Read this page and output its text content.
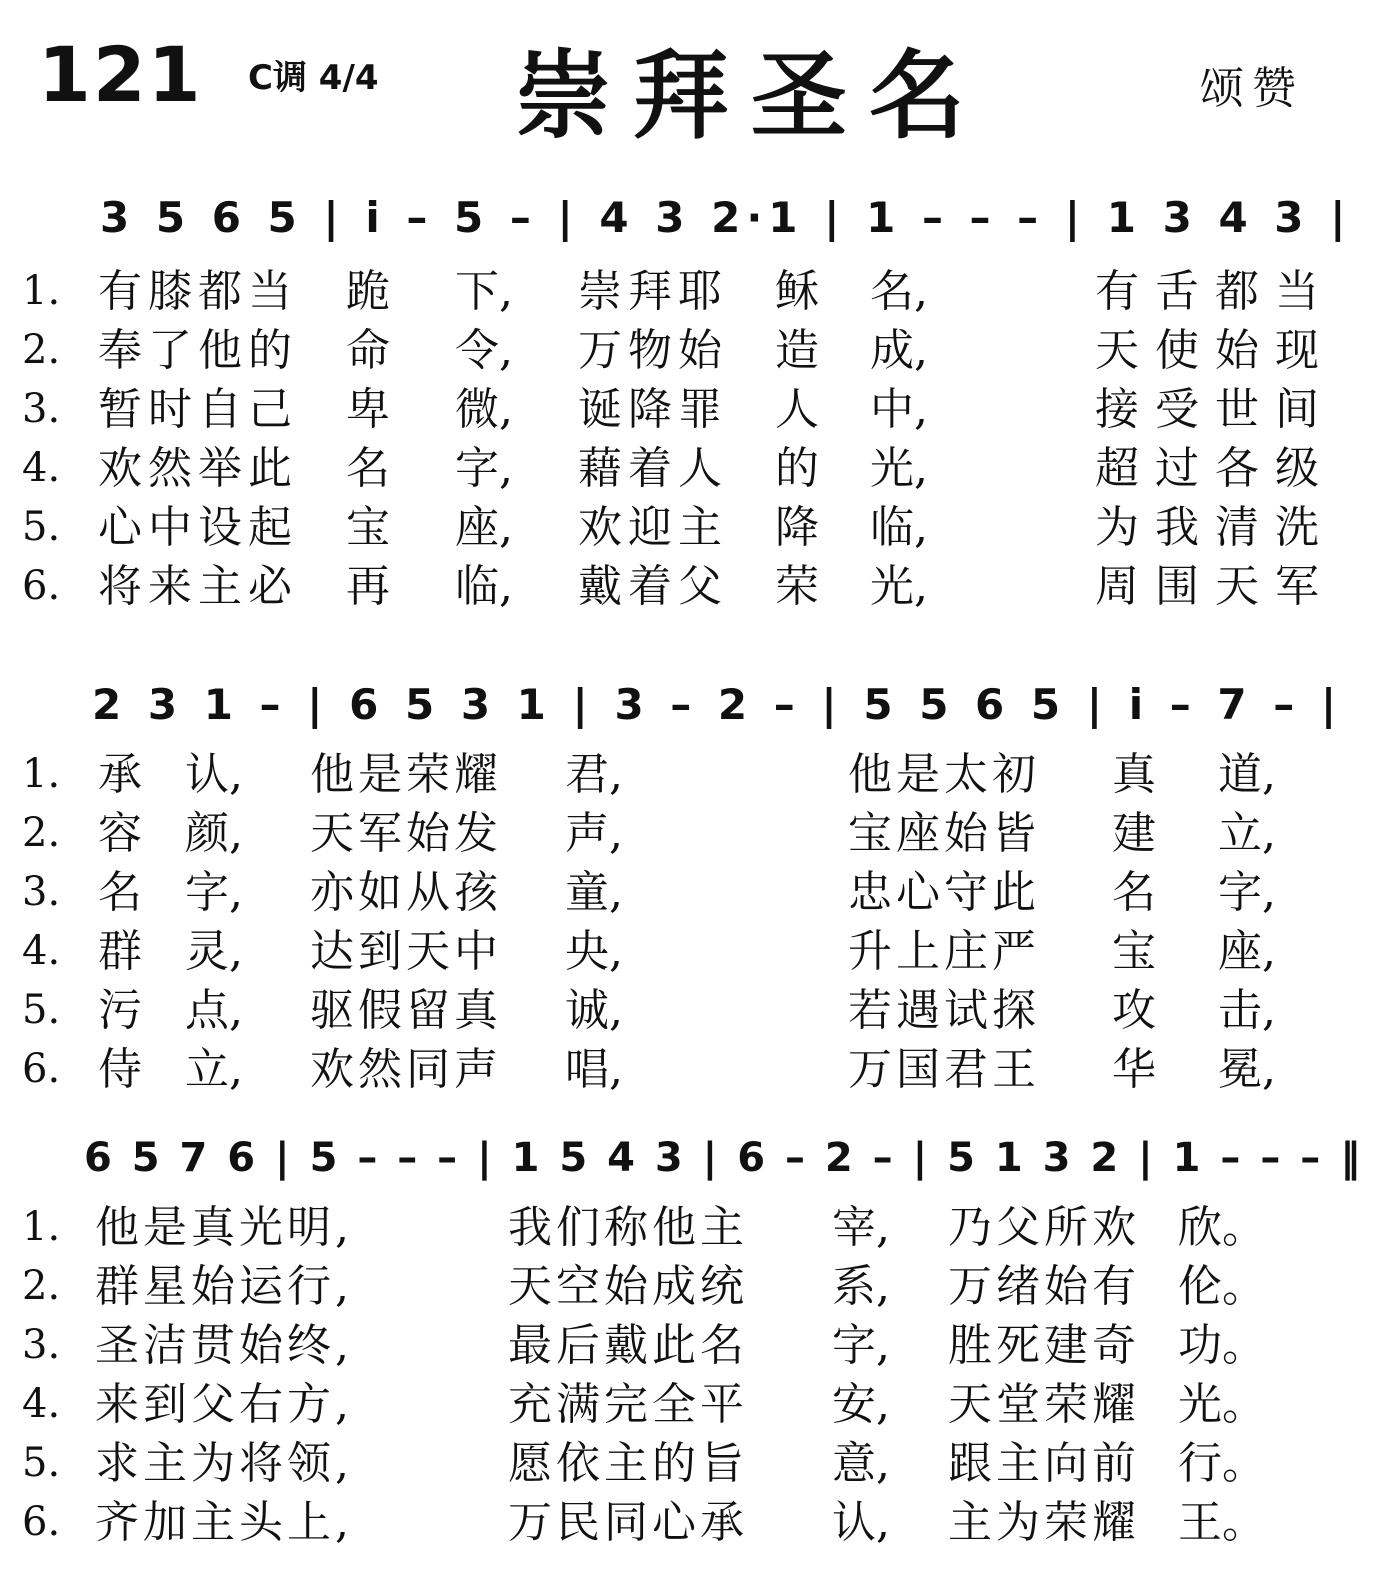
121 C调 4/4 崇拜圣名	颂赞
3 5 6 5 | i̇ – 5 – | 4 3 2·1 | 1 – – – | 1 3 4 3 |
1. 有膝都当 跪 下, 崇拜耶 稣 名,	有舌都当
2. 奉了他的 命 令, 万物始 造 成,	天使始现
3. 暂时自己 卑 微, 诞降罪 人 中,	接受世间
4. 欢然举此 名 字, 藉着人 的 光,	超过各级
5. 心中设起 宝 座, 欢迎主 降 临,	为我清洗
6. 将来主必 再 临, 戴着父 荣 光,	周围天军
2 3 1 – | 6 5 3 1 | 3 – 2 – | 5 5 6 5 | i̇ – 7 – |
1. 承 认, 他是荣耀 君,	他是太初 真 道,
2. 容 颜, 天军始发 声,	宝座始皆 建 立,
3. 名 字, 亦如从孩 童,	忠心守此 名 字,
4. 群 灵, 达到天中 央,	升上庄严 宝 座,
5. 污 点, 驱假留真 诚,	若遇试探 攻 击,
6. 侍 立, 欢然同声 唱,	万国君王 华 冕,
6 5 7 6 | 5 – – – | 1 5 4 3 | 6 – 2 – | 5 1 3 2 | 1 – – – ‖
1. 他是真光明,	我们称他主 宰, 乃父所欢 欣。
2. 群星始运行,	天空始成统 系, 万绪始有 伦。
3. 圣洁贯始终,	最后戴此名 字, 胜死建奇 功。
4. 来到父右方,	充满完全平 安, 天堂荣耀 光。
5. 求主为将领,	愿依主的旨 意, 跟主向前 行。
6. 齐加主头上,	万民同心承 认, 主为荣耀 王。
